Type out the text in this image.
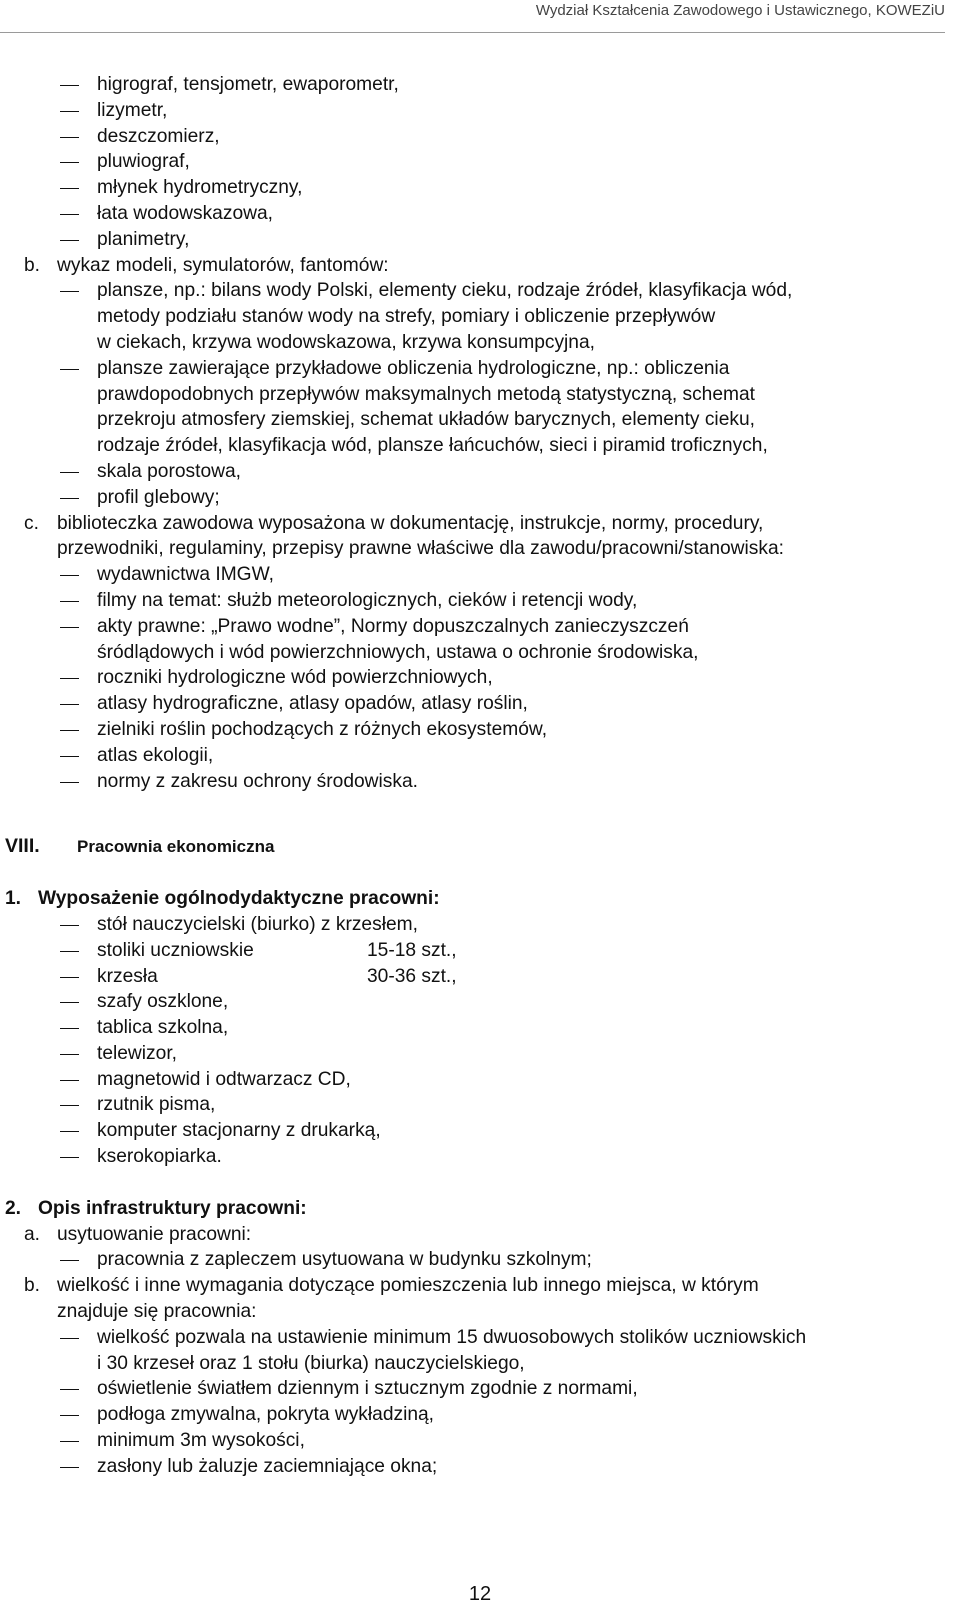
Wydział Kształcenia Zawodowego i Ustawicznego, KOWEZiU
higrograf, tensjometr, ewaporometr,
lizymetr,
deszczomierz,
pluwiograf,
młynek hydrometryczny,
łata wodowskazowa,
planimetry,
b. wykaz modeli, symulatorów, fantomów:
plansze, np.: bilans wody Polski, elementy cieku, rodzaje źródeł, klasyfikacja wód,
metody podziału stanów wody na strefy, pomiary i obliczenie przepływów
w ciekach, krzywa wodowskazowa, krzywa konsumpcyjna,
plansze zawierające przykładowe obliczenia hydrologiczne, np.: obliczenia
prawdopodobnych przepływów maksymalnych metodą statystyczną, schemat
przekroju atmosfery ziemskiej, schemat układów barycznych, elementy cieku,
rodzaje źródeł, klasyfikacja wód, plansze łańcuchów, sieci i piramid troficznych,
skala porostowa,
profil glebowy;
c. biblioteczka zawodowa wyposażona w dokumentację, instrukcje, normy, procedury,
przewodniki, regulaminy, przepisy prawne właściwe dla zawodu/pracowni/stanowiska:
wydawnictwa IMGW,
filmy na temat: służb meteorologicznych, cieków i retencji wody,
akty prawne: „Prawo wodne”, Normy dopuszczalnych zanieczyszczeń
śródlądowych i wód powierzchniowych, ustawa o ochronie środowiska,
roczniki hydrologiczne wód powierzchniowych,
atlasy hydrograficzne, atlasy opadów, atlasy roślin,
zielniki roślin pochodzących z różnych ekosystemów,
atlas ekologii,
normy z zakresu ochrony środowiska.
VIII. Pracownia ekonomiczna
1. Wyposażenie ogólnodydaktyczne pracowni:
stół nauczycielski (biurko) z krzesłem,
stoliki uczniowskie	15-18 szt.,
krzesła	30-36 szt.,
szafy oszklone,
tablica szkolna,
telewizor,
magnetowid i odtwarzacz CD,
rzutnik pisma,
komputer stacjonarny z drukarką,
kserokopiarka.
2. Opis infrastruktury pracowni:
a. usytuowanie pracowni:
pracownia z zapleczem usytuowana w budynku szkolnym;
b. wielkość i inne wymagania dotyczące pomieszczenia lub innego miejsca, w którym
znajduje się pracownia:
wielkość pozwala na ustawienie minimum 15 dwuosobowych stolików uczniowskich
i 30 krzeseł oraz 1 stołu (biurka) nauczycielskiego,
oświetlenie światłem dziennym i sztucznym zgodnie z normami,
podłoga zmywalna, pokryta wykładziną,
minimum 3m wysokości,
zasłony lub żaluzje zaciemniające okna;
12
